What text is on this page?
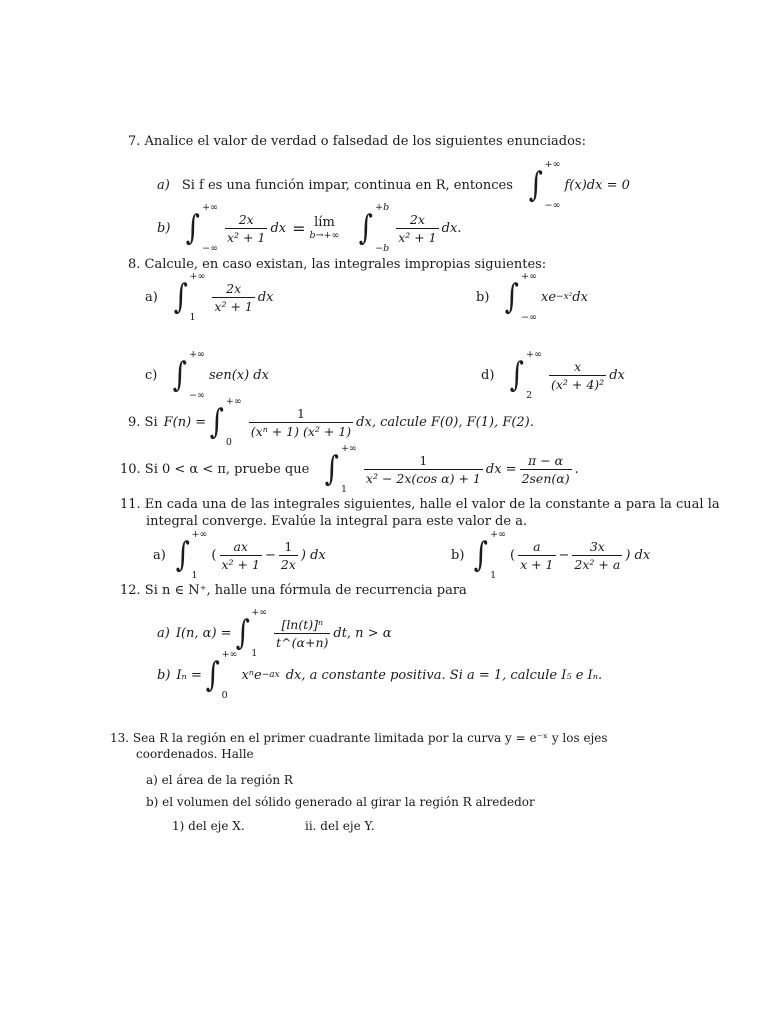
7. Analice el valor de verdad o falsedad de los siguientes enunciados:
a) Si f es una función impar, continua en R, entonces ∫
+∞
−∞
f(x)dx = 0
b) ∫
+∞
−∞
$\frac{2x}{\text{x² + 1}}$ dx = lím
b→+∞ ∫
+b
−b
$\frac{2x}{\text{x² + 1}}$ dx.
8. Calcule, en caso existan, las integrales impropias siguientes:
a) ∫
+∞
1
$\frac{2x}{\text{x² + 1}}$ dx	b) ∫
+∞
−∞
xe −x² dx
c) ∫
+∞
−∞
sen(x) dx	d) ∫
+∞
2
$\frac{x}{\text{(x² + 4)²}}$ dx
9. Si F(n) = ∫
+∞
0
$\frac{1}{\text{(xⁿ + 1) (x² + 1)}}$ dx, calcule F(0), F(1), F(2).
10. Si 0 < α < π, pruebe que ∫
+∞
1
$\frac{1}{\text{x² − 2x(cos α) + 1}}$ dx = $\frac{\pi - \alpha}{\text{2sen(α)}}$ .
11. En cada una de las integrales siguientes, halle el valor de la constante a para la cual la
integral converge. Evalúe la integral para este valor de a.
a) ∫
+∞
1
( $\frac{ax}{\text{x² + 1}} - \frac{1}{2x}$ ) dx	b) ∫
+∞
1
( $\frac{a}{x + 1} - \frac{3x}{\text{2x² + a}}$ ) dx
12. Si n ∈ N⁺, halle una fórmula de recurrencia para
a) I(n, α) = ∫
+∞
1
$\frac{\text{[ln(t)]ⁿ}}{t\^{}(\alpha+n)}$ dt, n > α
b) Iₙ = ∫
+∞
0
xⁿe −ax dx, a constante positiva. Si a = 1, calcule I₅ e Iₙ.
13. Sea R la región en el primer cuadrante limitada por la curva y = e⁻ˣ y los ejes
coordenados. Halle
a) el área de la región R
b) el volumen del sólido generado al girar la región R alrededor
1) del eje X.	ii. del eje Y.
